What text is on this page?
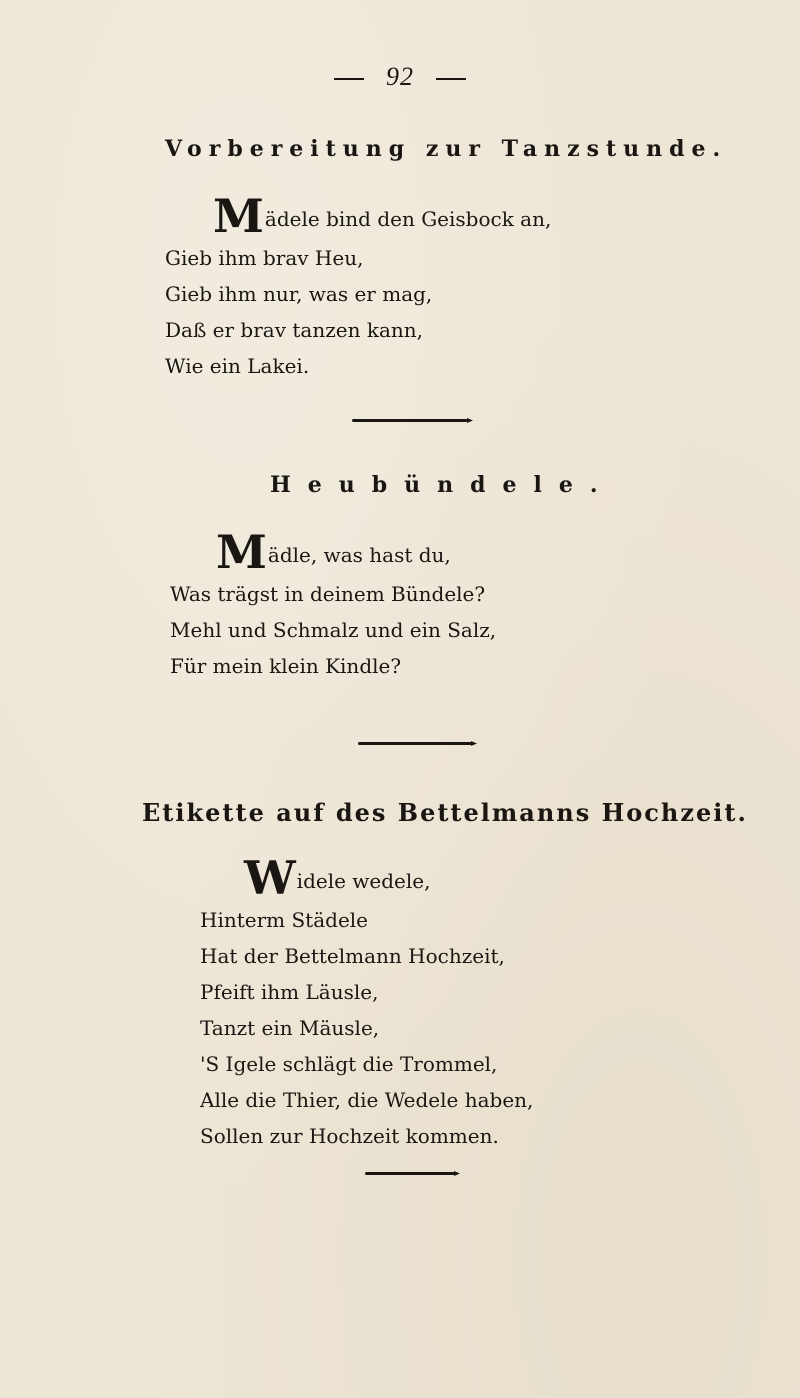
92
Vorbereitung zur Tanzstunde.
Mädele bind den Geisbock an,
Gieb ihm brav Heu,
Gieb ihm nur, was er mag,
Daß er brav tanzen kann,
Wie ein Lakei.
Heubündele.
Mädle, was hast du,
Was trägst in deinem Bündele?
Mehl und Schmalz und ein Salz,
Für mein klein Kindle?
Etikette auf des Bettelmanns Hochzeit.
Widele wedele,
Hinterm Städele
Hat der Bettelmann Hochzeit,
Pfeift ihm Läusle,
Tanzt ein Mäusle,
'S Igele schlägt die Trommel,
Alle die Thier, die Wedele haben,
Sollen zur Hochzeit kommen.
